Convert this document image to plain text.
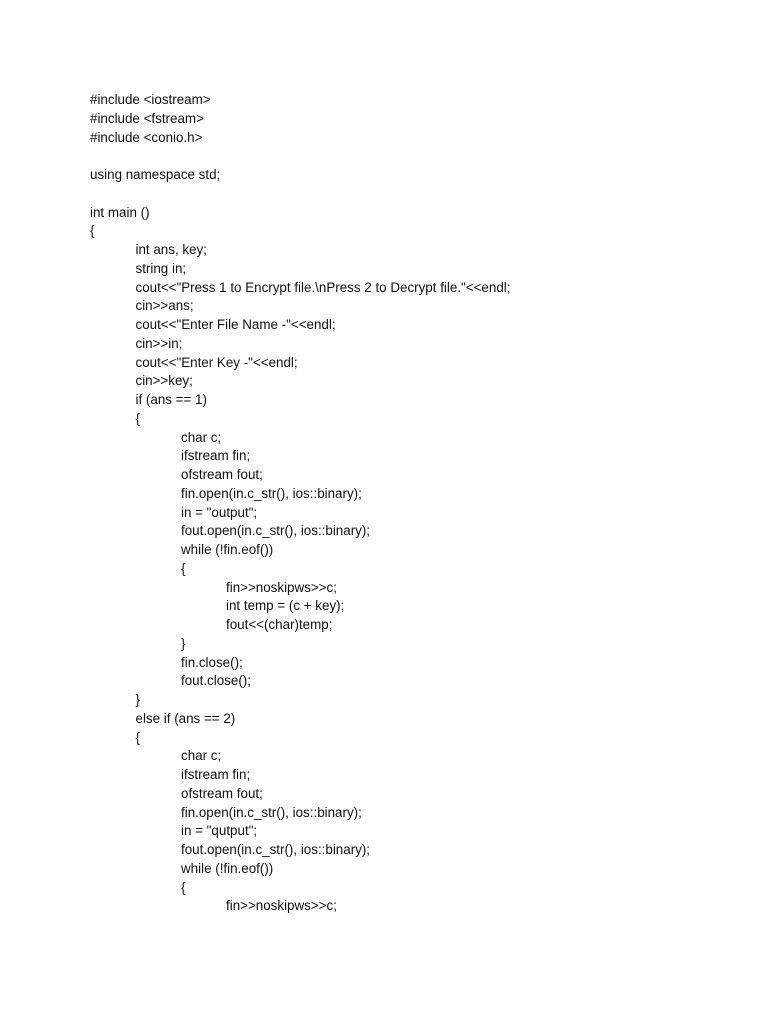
#include <iostream>
#include <fstream>
#include <conio.h>
using namespace std;
int main ()
{
int ans, key;
string in;
cout<<"Press 1 to Encrypt file.\nPress 2 to Decrypt file."<<endl;
cin>>ans;
cout<<"Enter File Name -"<<endl;
cin>>in;
cout<<"Enter Key -"<<endl;
cin>>key;
if (ans == 1)
{
char c;
ifstream fin;
ofstream fout;
fin.open(in.c_str(), ios::binary);
in = "output";
fout.open(in.c_str(), ios::binary);
while (!fin.eof())
{
fin>>noskipws>>c;
int temp = (c + key);
fout<<(char)temp;
}
fin.close();
fout.close();
}
else if (ans == 2)
{
char c;
ifstream fin;
ofstream fout;
fin.open(in.c_str(), ios::binary);
in = "qutput";
fout.open(in.c_str(), ios::binary);
while (!fin.eof())
{
fin>>noskipws>>c;
